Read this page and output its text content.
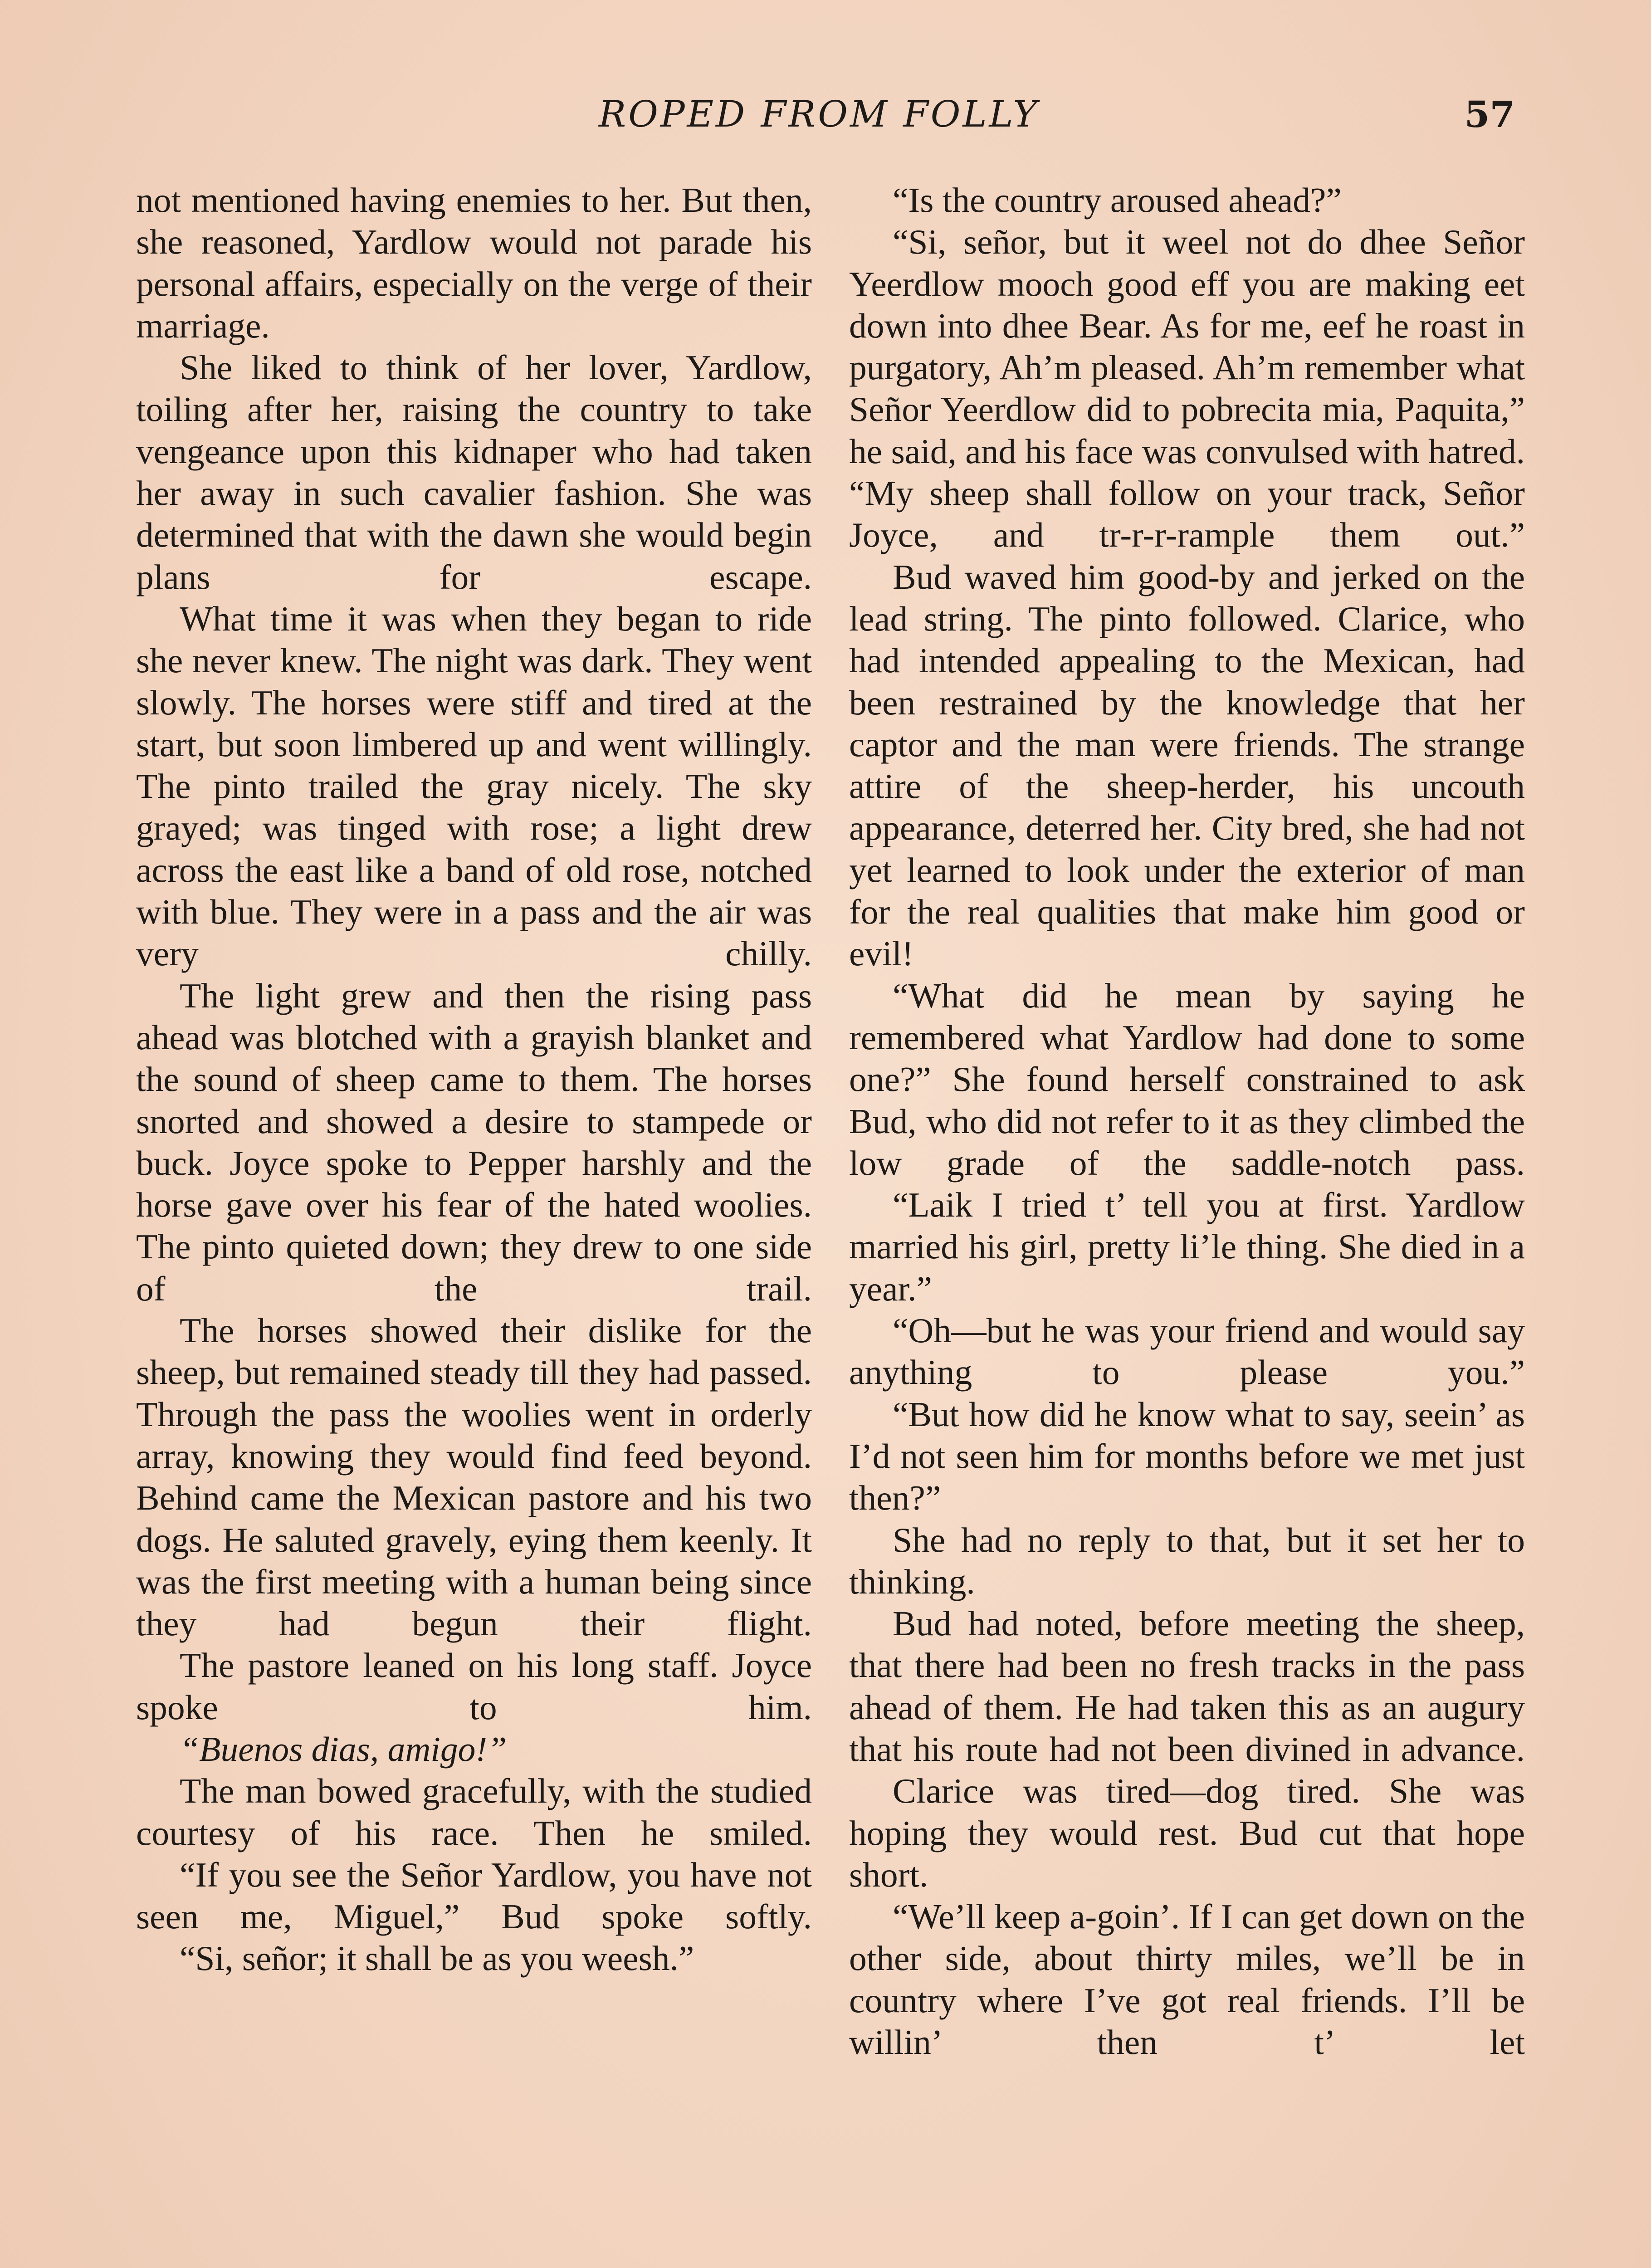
ROPED FROM FOLLY	57

not mentioned having enemies to her. But then, she reasoned, Yardlow would not parade his personal affairs, especially on the verge of their marriage.

She liked to think of her lover, Yardlow, toiling after her, raising the country to take vengeance upon this kidnaper who had taken her away in such cavalier fashion. She was determined that with the dawn she would begin plans for escape.

What time it was when they began to ride she never knew. The night was dark. They went slowly. The horses were stiff and tired at the start, but soon limbered up and went willingly. The pinto trailed the gray nicely. The sky grayed; was tinged with rose; a light drew across the east like a band of old rose, notched with blue. They were in a pass and the air was very chilly.

The light grew and then the rising pass ahead was blotched with a grayish blanket and the sound of sheep came to them. The horses snorted and showed a desire to stampede or buck. Joyce spoke to Pepper harshly and the horse gave over his fear of the hated woolies. The pinto quieted down; they drew to one side of the trail.

The horses showed their dislike for the sheep, but remained steady till they had passed. Through the pass the woolies went in orderly array, knowing they would find feed beyond. Behind came the Mexican pastore and his two dogs. He saluted gravely, eying them keenly. It was the first meeting with a human being since they had begun their flight.

The pastore leaned on his long staff. Joyce spoke to him.

“Buenos dias, amigo!”

The man bowed gracefully, with the studied courtesy of his race. Then he smiled.

“If you see the Señor Yardlow, you have not seen me, Miguel,” Bud spoke softly.

“Si, señor; it shall be as you weesh.”

“Is the country aroused ahead?”

“Si, señor, but it weel not do dhee Señor Yeerdlow mooch good eff you are making eet down into dhee Bear. As for me, eef he roast in purgatory, Ah’m pleased. Ah’m remember what Señor Yeerdlow did to pobrecita mia, Paquita,” he said, and his face was convulsed with hatred. “My sheep shall follow on your track, Señor Joyce, and tr-r-r-rample them out.”

Bud waved him good-by and jerked on the lead string. The pinto followed. Clarice, who had intended appealing to the Mexican, had been restrained by the knowledge that her captor and the man were friends. The strange attire of the sheep-herder, his uncouth appearance, deterred her. City bred, she had not yet learned to look under the exterior of man for the real qualities that make him good or evil!

“What did he mean by saying he remembered what Yardlow had done to some one?” She found herself constrained to ask Bud, who did not refer to it as they climbed the low grade of the saddle-notch pass.

“Laik I tried t’ tell you at first. Yardlow married his girl, pretty li’le thing. She died in a year.”

“Oh—but he was your friend and would say anything to please you.”

“But how did he know what to say, seein’ as I’d not seen him for months before we met just then?”

She had no reply to that, but it set her to thinking.

Bud had noted, before meeting the sheep, that there had been no fresh tracks in the pass ahead of them. He had taken this as an augury that his route had not been divined in advance.

Clarice was tired—dog tired. She was hoping they would rest. Bud cut that hope short.

“We’ll keep a-goin’. If I can get down on the other side, about thirty miles, we’ll be in country where I’ve got real friends. I’ll be willin’ then t’ let
